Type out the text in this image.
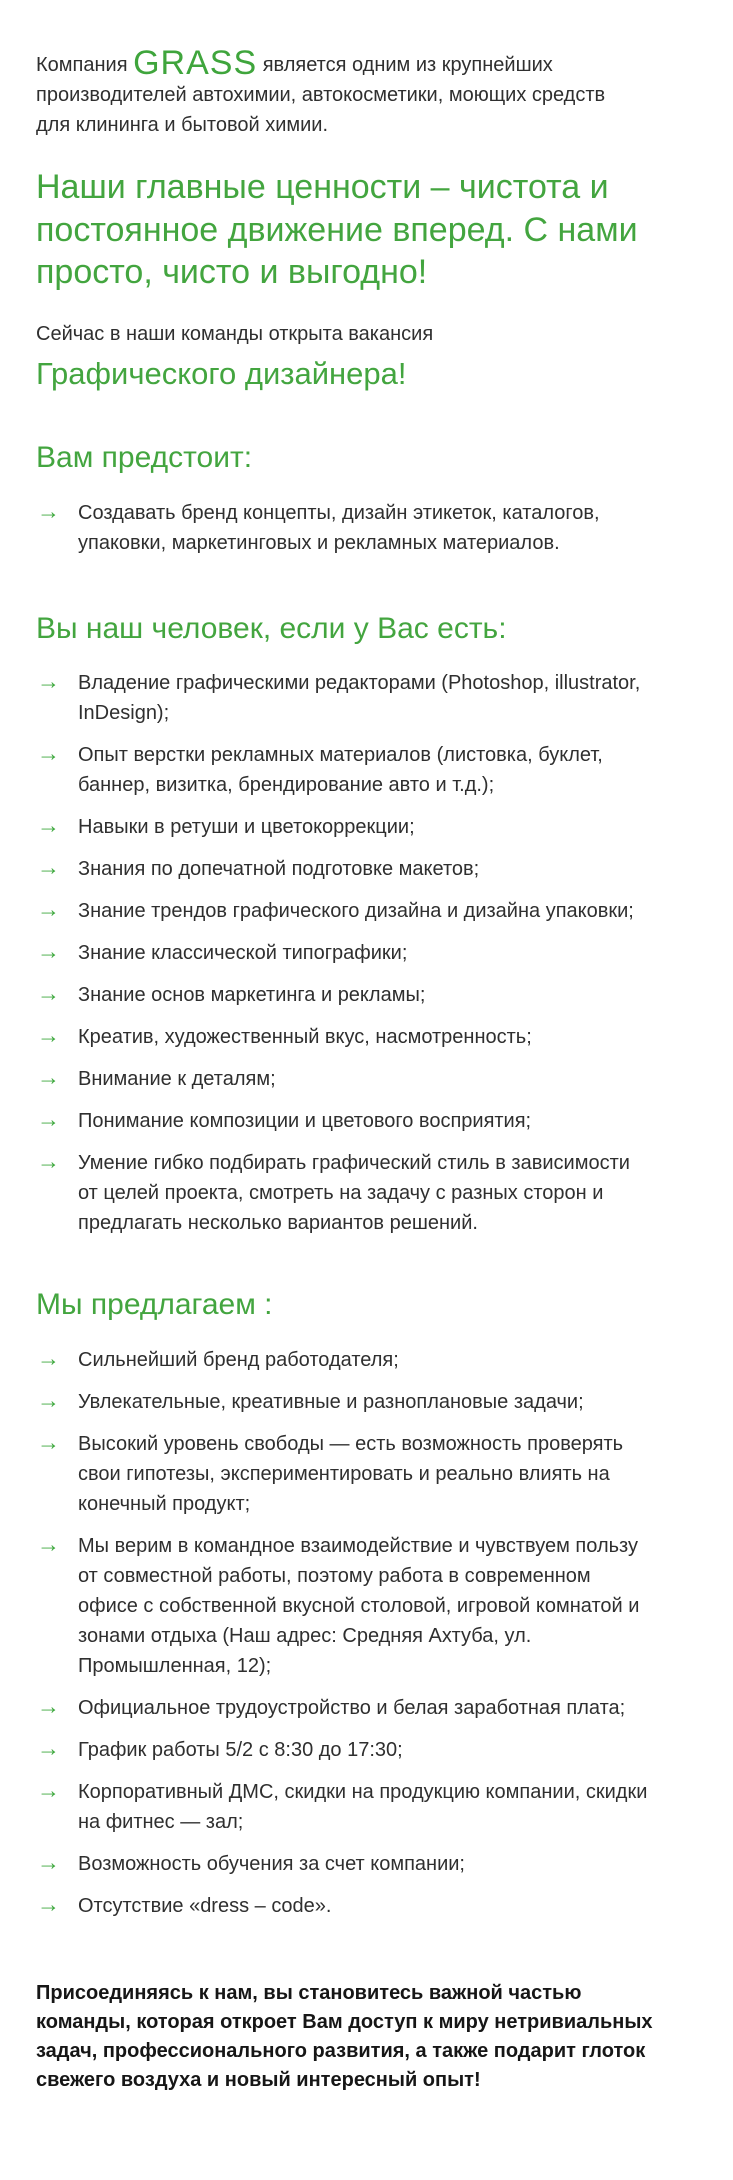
Компания GRASS является одним из крупнейших производителей автохимии, автокосметики, моющих средств для клининга и бытовой химии.

Наши главные ценности – чистота и постоянное движение вперед. С нами просто, чисто и выгодно!

Сейчас в наши команды открыта вакансия

Графического дизайнера!

Вам предстоит:

→ Создавать бренд концепты, дизайн этикеток, каталогов, упаковки, маркетинговых и рекламных материалов.

Вы наш человек, если у Вас есть:

→ Владение графическими редакторами (Photoshop, illustrator, InDesign);
→ Опыт верстки рекламных материалов (листовка, буклет, баннер, визитка, брендирование авто и т.д.);
→ Навыки в ретуши и цветокоррекции;
→ Знания по допечатной подготовке макетов;
→ Знание трендов графического дизайна и дизайна упаковки;
→ Знание классической типографики;
→ Знание основ маркетинга и рекламы;
→ Креатив, художественный вкус, насмотренность;
→ Внимание к деталям;
→ Понимание композиции и цветового восприятия;
→ Умение гибко подбирать графический стиль в зависимости от целей проекта, смотреть на задачу с разных сторон и предлагать несколько вариантов решений.

Мы предлагаем :

→ Сильнейший бренд работодателя;
→ Увлекательные, креативные и разноплановые задачи;
→ Высокий уровень свободы — есть возможность проверять свои гипотезы, экспериментировать и реально влиять на конечный продукт;
→ Мы верим в командное взаимодействие и чувствуем пользу от совместной работы, поэтому работа в современном офисе с собственной вкусной столовой, игровой комнатой и зонами отдыха (Наш адрес: Средняя Ахтуба, ул. Промышленная, 12);
→ Официальное трудоустройство и белая заработная плата;
→ График работы 5/2 с 8:30 до 17:30;
→ Корпоративный ДМС, скидки на продукцию компании, скидки на фитнес — зал;
→ Возможность обучения за счет компании;
→ Отсутствие «dress – code».

Присоединяясь к нам, вы становитесь важной частью команды, которая откроет Вам доступ к миру нетривиальных задач, профессионального развития, а также подарит глоток свежего воздуха и новый интересный опыт!
